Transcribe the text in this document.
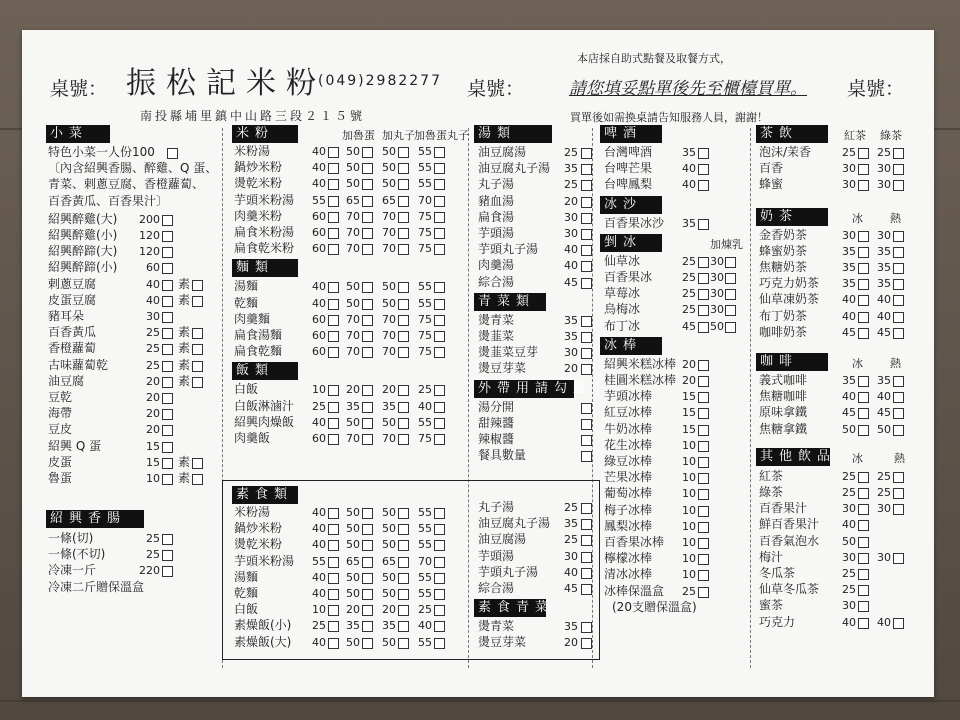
桌號： 振松記米粉
(049)2982277 桌號：
本店採自助式點餐及取餐方式，
請您填妥點單後先至櫃檯買單。 桌號：
南投縣埔里鎮中山路三段２１５號	買單後如需換桌請告知服務人員，謝謝！
小菜
特色小菜一人份100
〔內含紹興香腸、醉雞、Q 蛋、
青菜、剌蔥豆腐、香橙蘿蔔、
百香黃瓜、百香果汁〕
紹興醉雞(大)	200
紹興醉雞(小)	120
紹興醉蹄(大)	120
紹興醉蹄(小)	60
剌蔥豆腐	40 素
皮蛋豆腐	40 素
豬耳朵	30
百香黃瓜	25 素
香橙蘿蔔	25 素
古味蘿蔔乾	25 素
油豆腐	20 素
豆乾	20
海帶	20
豆皮	20
紹興 Q 蛋	15
皮蛋	15 素
魯蛋	10 素
紹興香腸
一條(切)	25
一條(不切)	25
冷凍一斤	220
冷凍二斤贈保溫盒
米粉	加魯蛋 加丸子 加魯蛋丸子
米粉湯	40	50	50	55
鍋炒米粉	40	50	50	55
燙乾米粉	40	50	50	55
芋頭米粉湯	55	65	65	70
肉羹米粉	60	70	70	75
扁食米粉湯	60	70	70	75
扁食乾米粉	60	70	70	75
麵類
湯麵	40	50	50	55
乾麵	40	50	50	55
肉羹麵	60	70	70	75
扁食湯麵	60	70	70	75
扁食乾麵	60	70	70	75
飯類
白飯	10	20	20	25
白飯淋滷汁	25	35	35	40
紹興肉燥飯	40	50	50	55
肉羹飯	60	70	70	75
素食類
米粉湯	40	50	50	55
鍋炒米粉	40	50	50	55
燙乾米粉	40	50	50	55
芋頭米粉湯	55	65	65	70
湯麵	40	50	50	55
乾麵	40	50	50	55
白飯	10	20	20	25
素燥飯(小)	25	35	35	40
素燥飯(大)	40	50	50	55
湯類
油豆腐湯	25
油豆腐丸子湯	35
丸子湯	25
豬血湯	20
扁食湯	30
芋頭湯	30
芋頭丸子湯	40
肉羹湯	40
綜合湯	45
青菜類
燙青菜	35
燙韮菜	35
燙韮菜豆芽	30
燙豆芽菜	20
外帶用請勾選
湯分開
甜辣醬
辣椒醬
餐具數量
丸子湯	25
油豆腐丸子湯	35
油豆腐湯	25
芋頭湯	30
芋頭丸子湯	40
綜合湯	45
素食青菜
燙青菜	35
燙豆芽菜	20
啤酒
台灣啤酒	35
台啤芒果	40
台啤鳳梨	40
冰沙
百香果冰沙	35
剉冰	加煉乳
仙草冰	25	30
百香果冰	25	30
草莓冰	25	30
烏梅冰	25	30
布丁冰	45	50
冰棒
紹興米糕冰棒 20
桂圓米糕冰棒 20
芋頭冰棒	15
紅豆冰棒	15
牛奶冰棒	15
花生冰棒	10
綠豆冰棒	10
芒果冰棒	10
葡萄冰棒	10
梅子冰棒	10
鳳梨冰棒	10
百香果冰棒	10
檸檬冰棒	10
清冰冰棒	10
冰棒保溫盒	25
(20支贈保溫盒)
茶飲	紅茶 綠茶
泡沫/茉香	25	25
百香	30	30
蜂蜜	30	30
奶茶	冰 熱
金香奶茶	30	30
蜂蜜奶茶	35	35
焦糖奶茶	35	35
巧克力奶茶	35	35
仙草凍奶茶	40	40
布丁奶茶	40	40
咖啡奶茶	45	45
咖啡	冰 熱
義式咖啡	35	35
焦糖咖啡	40	40
原味拿鐵	45	45
焦糖拿鐵	50	50
其他飲品 冰	熱
紅茶	25	25
綠茶	25	25
百香果汁	30	30
鮮百香果汁	40
百香氣泡水	50
梅汁	30	30
冬瓜茶	25
仙草冬瓜茶	25
蜜茶	30
巧克力	40	40
